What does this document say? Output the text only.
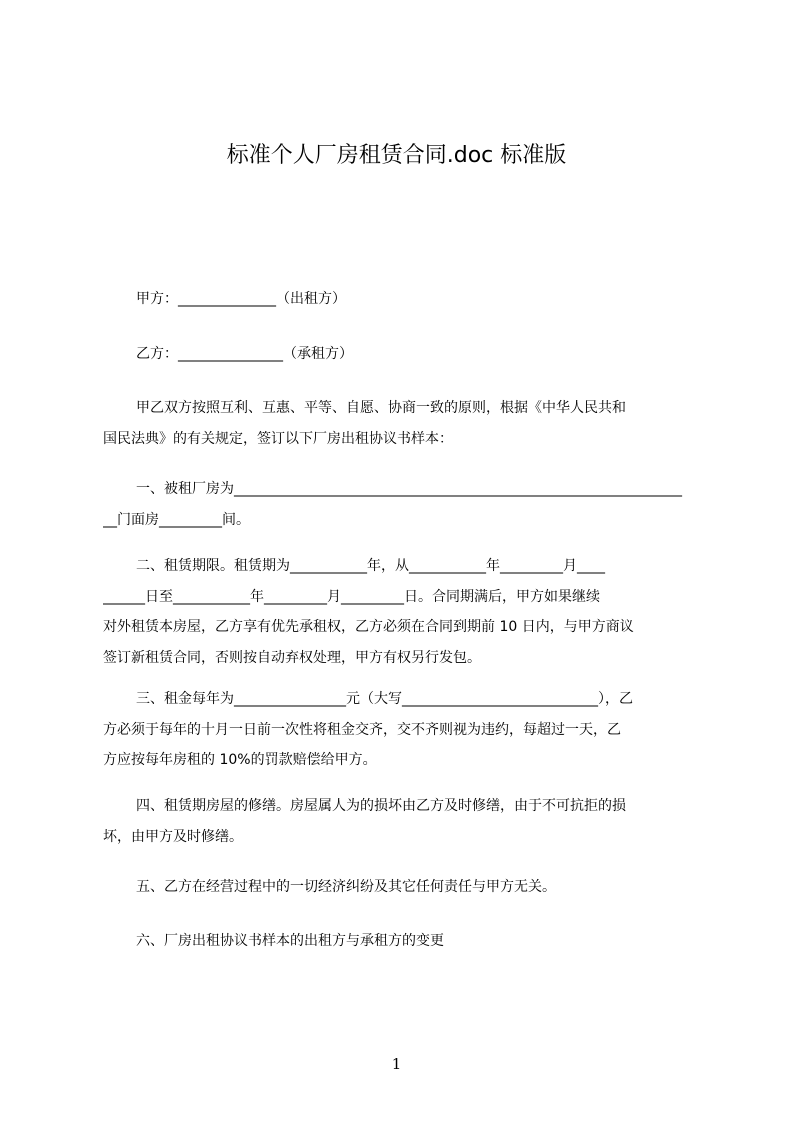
标准个人厂房租赁合同.doc 标准版
甲方：______________（出租方）
乙方：_______________（承租方）
甲乙双方按照互利、互惠、平等、自愿、协商一致的原则，根据《中华人民共和
国民法典》的有关规定，签订以下厂房出租协议书样本：
一、被租厂房为________________________________________________________________
__门面房_________间。
二、租赁期限。租赁期为___________年，从___________年_________月____
______日至___________年_________月_________日。合同期满后，甲方如果继续
对外租赁本房屋，乙方享有优先承租权，乙方必须在合同到期前 10 日内，与甲方商议
签订新租赁合同，否则按自动弃权处理，甲方有权另行发包。
三、租金每年为________________元（大写____________________________），乙
方必须于每年的十月一日前一次性将租金交齐，交不齐则视为违约，每超过一天，乙
方应按每年房租的 10%的罚款赔偿给甲方。
四、租赁期房屋的修缮。房屋属人为的损坏由乙方及时修缮，由于不可抗拒的损
坏，由甲方及时修缮。
五、乙方在经营过程中的一切经济纠纷及其它任何责任与甲方无关。
六、厂房出租协议书样本的出租方与承租方的变更
1
